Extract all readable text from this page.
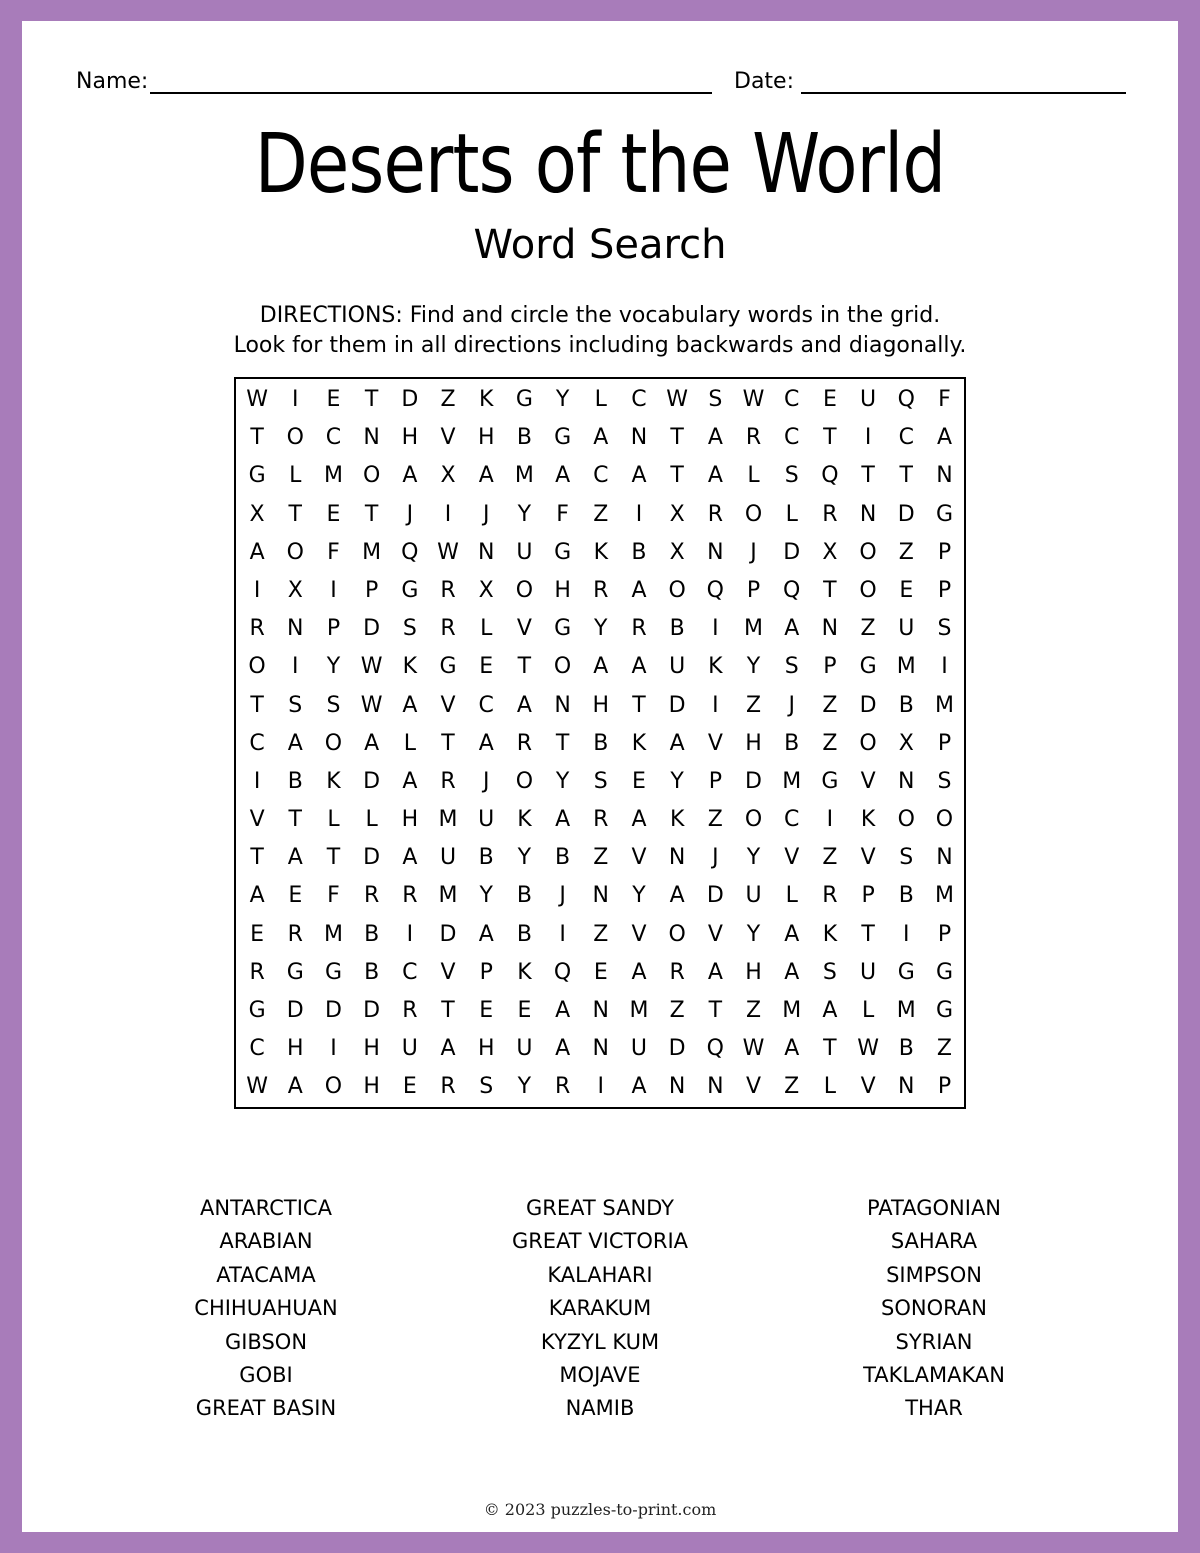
Name:	Date:
Deserts of the World
Word Search
DIRECTIONS: Find and circle the vocabulary words in the grid.
Look for them in all directions including backwards and diagonally.
W	I	E	T	D	Z	K	G	Y	L	C W S W C	E	U Q	F
T	O C	N H	V	H	B	G	A	N	T	A	R	C	T	I	C	A
G	L	M O	A	X	A M A	C	A	T	A	L	S	Q	T	T	N
X	T	E	T	J	I	J	Y	F	Z	I	X	R O	L	R	N D G
A O	F	M Q W N U G	K	B	X	N	J	D	X O Z	P
I	X	I	P	G	R	X O H	R	A O Q	P	Q	T	O	E	P
R	N	P	D	S	R	L	V	G	Y	R	B	I	M A	N	Z	U	S
O	I	Y W K	G	E	T	O	A	A	U	K	Y	S	P	G M	I
T	S	S W A	V	C	A	N H	T	D	I	Z	J	Z	D	B M
C	A O	A	L	T	A	R	T	B	K	A	V	H	B	Z O X	P
I	B	K	D	A	R	J	O	Y	S	E	Y	P	D M G	V	N	S
V	T	L	L	H M U	K	A	R	A	K	Z O C	I	K	O O
T	A	T	D	A	U	B	Y	B	Z	V	N	J	Y	V	Z	V	S	N
A	E	F	R	R M Y	B	J	N	Y	A	D U	L	R	P	B M
E	R M B	I	D	A	B	I	Z	V O	V	Y	A	K	T	I	P
R	G G	B	C	V	P	K	Q	E	A	R	A	H	A	S	U G G
G D D D	R	T	E	E	A	N M Z	T	Z M A	L	M G
C	H	I	H U	A	H U	A	N U D Q W A	T W B	Z
W A O H	E	R	S	Y	R	I	A	N N	V	Z	L	V	N	P
ANTARCTICA
ARABIAN
ATACAMA
CHIHUAHUAN
GIBSON
GOBI
GREAT BASIN
GREAT SANDY
GREAT VICTORIA
KALAHARI
KARAKUM
KYZYL KUM
MOJAVE
NAMIB
PATAGONIAN
SAHARA
SIMPSON
SONORAN
SYRIAN
TAKLAMAKAN
THAR
© 2023 puzzles-to-print.com
